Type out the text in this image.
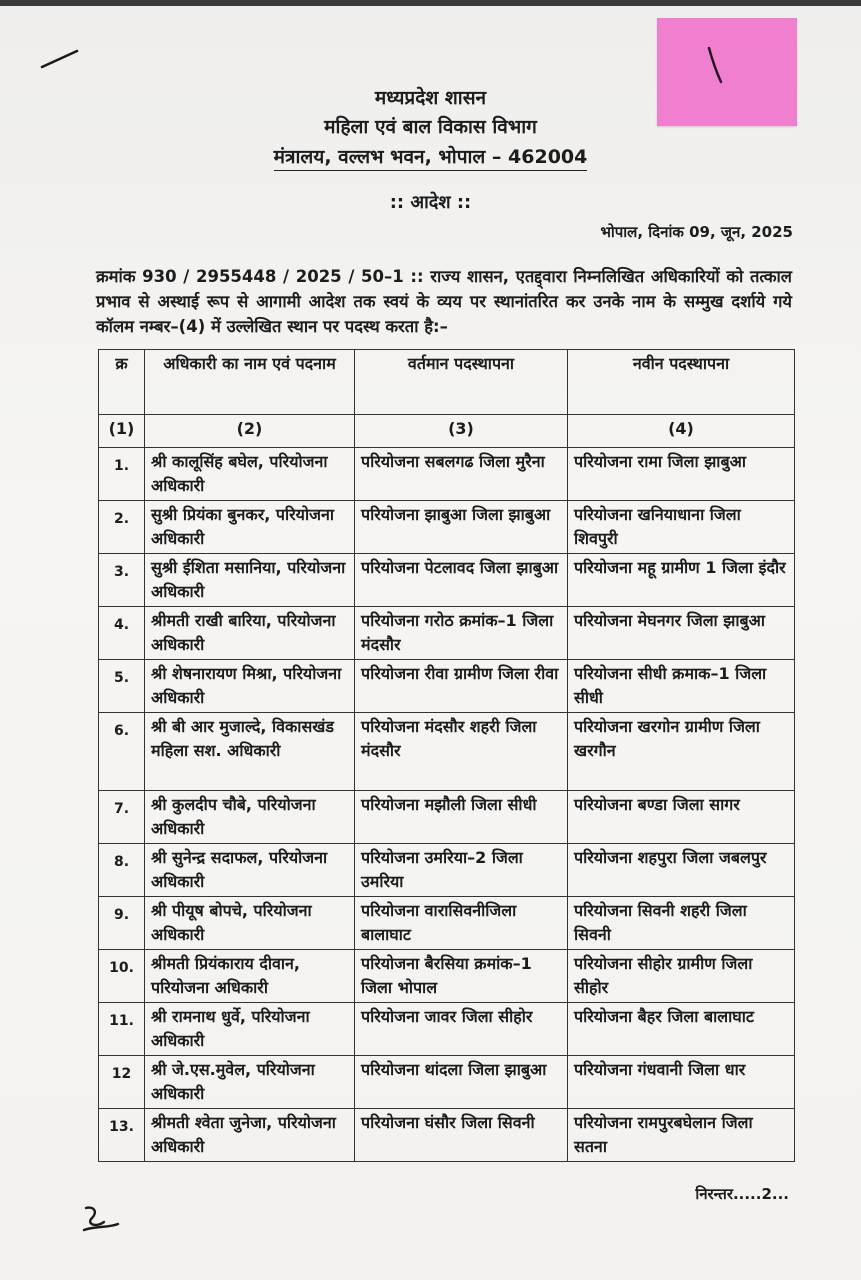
मध्यप्रदेश शासन
महिला एवं बाल विकास विभाग
मंत्रालय, वल्लभ भवन, भोपाल – 462004
:: आदेश ::
भोपाल, दिनांक 09, जून, 2025
क्रमांक 930 / 2955448 / 2025 / 50–1 :: राज्य शासन, एतद्द्वारा निम्नलिखित अधिकारियों को तत्काल प्रभाव से अस्थाई रूप से आगामी आदेश तक स्वयं के व्यय पर स्थानांतरित कर उनके नाम के सम्मुख दर्शाये गये कॉलम नम्बर–(4) में उल्लेखित स्थान पर पदस्थ करता है:–
क्र	अधिकारी का नाम एवं पदनाम	वर्तमान पदस्थापना	नवीन पदस्थापना
(1)	(2)	(3)	(4)
1.	श्री कालूसिंह बघेल, परियोजना अधिकारी	परियोजना सबलगढ जिला मुरैना	परियोजना रामा जिला झाबुआ
2.	सुश्री प्रियंका बुनकर, परियोजना अधिकारी	परियोजना झाबुआ जिला झाबुआ	परियोजना खनियाधाना जिला शिवपुरी
3.	सुश्री ईशिता मसानिया, परियोजना अधिकारी	परियोजना पेटलावद जिला झाबुआ	परियोजना महू ग्रामीण 1 जिला इंदौर
4.	श्रीमती राखी बारिया, परियोजना अधिकारी	परियोजना गरोठ क्रमांक–1 जिला मंदसौर	परियोजना मेघनगर जिला झाबुआ
5.	श्री शेषनारायण मिश्रा, परियोजना अधिकारी	परियोजना रीवा ग्रामीण जिला रीवा	परियोजना सीधी क्रमाक–1 जिला सीधी
6.	श्री बी आर मुजाल्दे, विकासखंड महिला सश. अधिकारी	परियोजना मंदसौर शहरी जिला मंदसौर	परियोजना खरगोन ग्रामीण जिला खरगौन
7.	श्री कुलदीप चौबे, परियोजना अधिकारी	परियोजना मझौली जिला सीधी	परियोजना बण्डा जिला सागर
8.	श्री सुनेन्द्र सदाफल, परियोजना अधिकारी	परियोजना उमरिया–2 जिला उमरिया	परियोजना शहपुरा जिला जबलपुर
9.	श्री पीयूष बोपचे, परियोजना अधिकारी	परियोजना वारासिवनीजिला बालाघाट	परियोजना सिवनी शहरी जिला सिवनी
10.	श्रीमती प्रियंकाराय दीवान, परियोजना अधिकारी	परियोजना बैरसिया क्रमांक–1 जिला भोपाल	परियोजना सीहोर ग्रामीण जिला सीहोर
11.	श्री रामनाथ धुर्वे, परियोजना अधिकारी	परियोजना जावर जिला सीहोर	परियोजना बैहर जिला बालाघाट
12	श्री जे.एस.मुवेल, परियोजना अधिकारी	परियोजना थांदला जिला झाबुआ	परियोजना गंधवानी जिला धार
13.	श्रीमती श्वेता जुनेजा, परियोजना अधिकारी	परियोजना घंसौर जिला सिवनी	परियोजना रामपुरबघेलान जिला सतना
निरन्तर.....2...
